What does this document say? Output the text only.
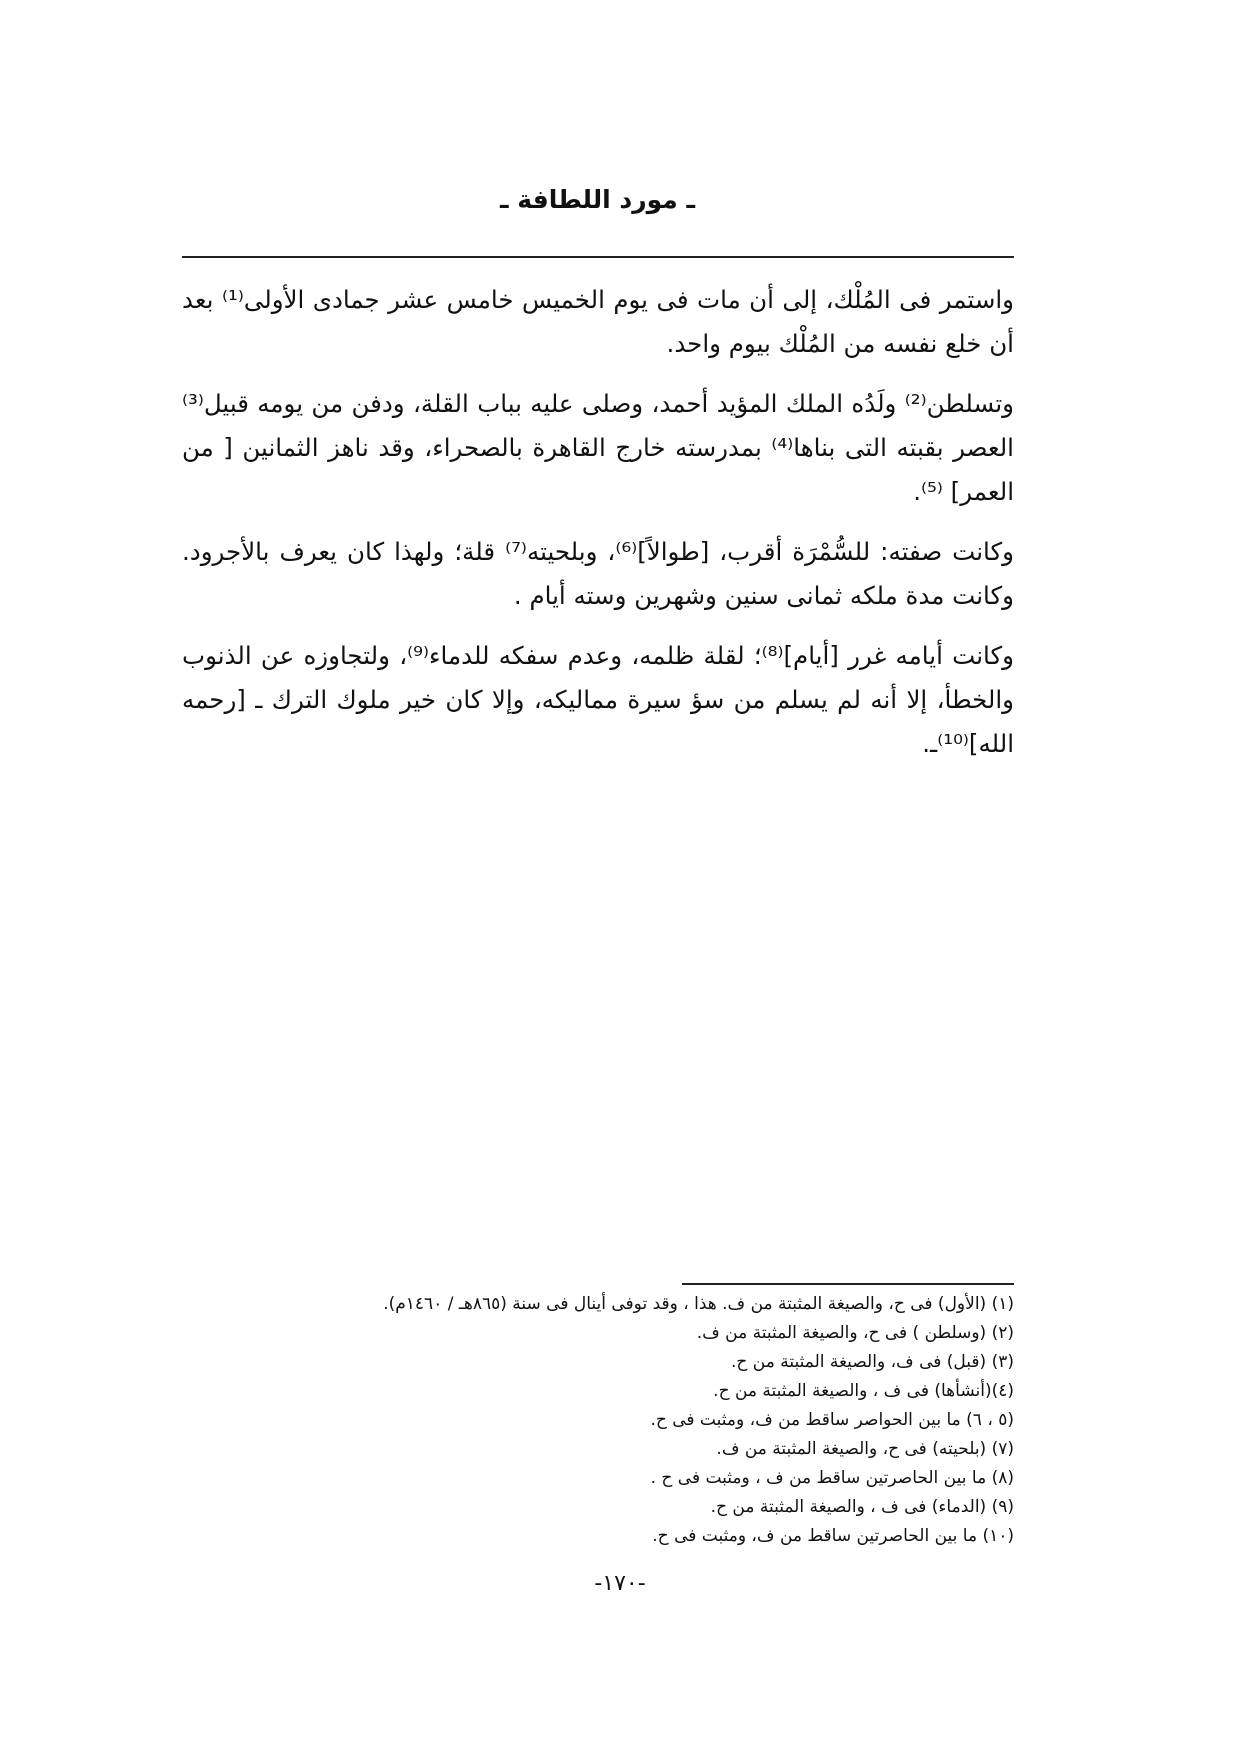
ـ مورد اللطافة ـ
واستمر فى المُلْك، إلى أن مات فى يوم الخميس خامس عشر جمادى الأولى⁽¹⁾ بعد أن خلع نفسه من المُلْك بيوم واحد.
وتسلطن⁽²⁾ ولَدُه الملك المؤيد أحمد، وصلى عليه بباب القلة، ودفن من يومه قبيل⁽³⁾ العصر بقبته التى بناها⁽⁴⁾ بمدرسته خارج القاهرة بالصحراء، وقد ناهز الثمانين [ من العمر] ⁽⁵⁾.
وكانت صفته: للسُّمْرَة أقرب، [طوالاً]⁽⁶⁾، وبلحيته⁽⁷⁾ قلة؛ ولهذا كان يعرف بالأجرود. وكانت مدة ملكه ثمانى سنين وشهرين وسته أيام .
وكانت أيامه غرر [أيام]⁽⁸⁾؛ لقلة ظلمه، وعدم سفكه للدماء⁽⁹⁾، ولتجاوزه عن الذنوب والخطأ، إلا أنه لم يسلم من سؤ سيرة مماليكه، وإلا كان خير ملوك الترك ـ [رحمه الله]⁽¹⁰⁾ـ.
(١) (الأول) فى ح، والصيغة المثبتة من ف. هذا ، وقد توفى أينال فى سنة (٨٦٥هـ / ١٤٦٠م).
(٢) (وسلطن ) فى ح، والصيغة المثبتة من ف.
(٣) (قبل) فى ف، والصيغة المثبتة من ح.
(٤)(أنشأها) فى ف ، والصيغة المثبتة من ح.
(٥ ، ٦) ما بين الحواصر ساقط من ف، ومثبت فى ح.
(٧) (بلحيته) فى ح، والصيغة المثبتة من ف.
(٨) ما بين الحاصرتين ساقط من ف ، ومثبت فى ح .
(٩) (الدماء) فى ف ، والصيغة المثبتة من ح.
(١٠) ما بين الحاصرتين ساقط من ف، ومثبت فى ح.
-١٧٠-
